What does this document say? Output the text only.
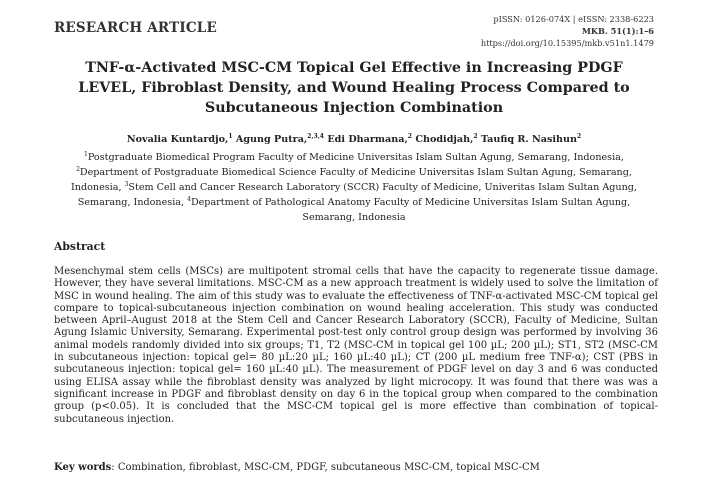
RESEARCH ARTICLE
pISSN: 0126-074X | eISSN: 2338-6223
MKB. 51(1):1–6
https://doi.org/10.15395/mkb.v51n1.1479
TNF-α-Activated MSC-CM Topical Gel Effective in Increasing PDGF LEVEL, Fibroblast Density, and Wound Healing Process Compared to Subcutaneous Injection Combination
Novalia Kuntardjo,$^1$ Agung Putra,$^{2,3,4}$ Edi Dharmana,$^2$ Chodidjah,$^2$ Taufiq R. Nasihun$^2$
$^1$Postgraduate Biomedical Program Faculty of Medicine Universitas Islam Sultan Agung, Semarang, Indonesia, $^2$Department of Postgraduate Biomedical Science Faculty of Medicine Universitas Islam Sultan Agung, Semarang, Indonesia, $^3$Stem Cell and Cancer Research Laboratory (SCCR) Faculty of Medicine, Univeritas Islam Sultan Agung, Semarang, Indonesia, $^4$Department of Pathological Anatomy Faculty of Medicine Universitas Islam Sultan Agung, Semarang, Indonesia
Abstract
Mesenchymal stem cells (MSCs) are multipotent stromal cells that have the capacity to regenerate tissue damage. However, they have several limitations. MSC-CM as a new approach treatment is widely used to solve the limitation of MSC in wound healing. The aim of this study was to evaluate the effectiveness of TNF-α-activated MSC-CM topical gel compare to topical-subcutaneous injection combination on wound healing acceleration. This study was conducted between April–August 2018 at the Stem Cell and Cancer Research Laboratory (SCCR), Faculty of Medicine, Sultan Agung Islamic University, Semarang. Experimental post-test only control group design was performed by involving 36 animal models randomly divided into six groups; T1, T2 (MSC-CM in topical gel 100 µL; 200 µL); ST1, ST2 (MSC-CM in subcutaneous injection: topical gel= 80 µL:20 µL; 160 µL:40 µL); CT (200 µL medium free TNF-α); CST (PBS in subcutaneous injection: topical gel= 160 µL:40 µL). The measurement of PDGF level on day 3 and 6 was conducted using ELISA assay while the fibroblast density was analyzed by light microcopy. It was found that there was was a significant increase in PDGF and fibroblast density on day 6 in the topical group when compared to the combination group (p<0.05). It is concluded that the MSC-CM topical gel is more effective than combination of topical-subcutaneous injection.
Key words: Combination, fibroblast, MSC-CM, PDGF, subcutaneous MSC-CM, topical MSC-CM
